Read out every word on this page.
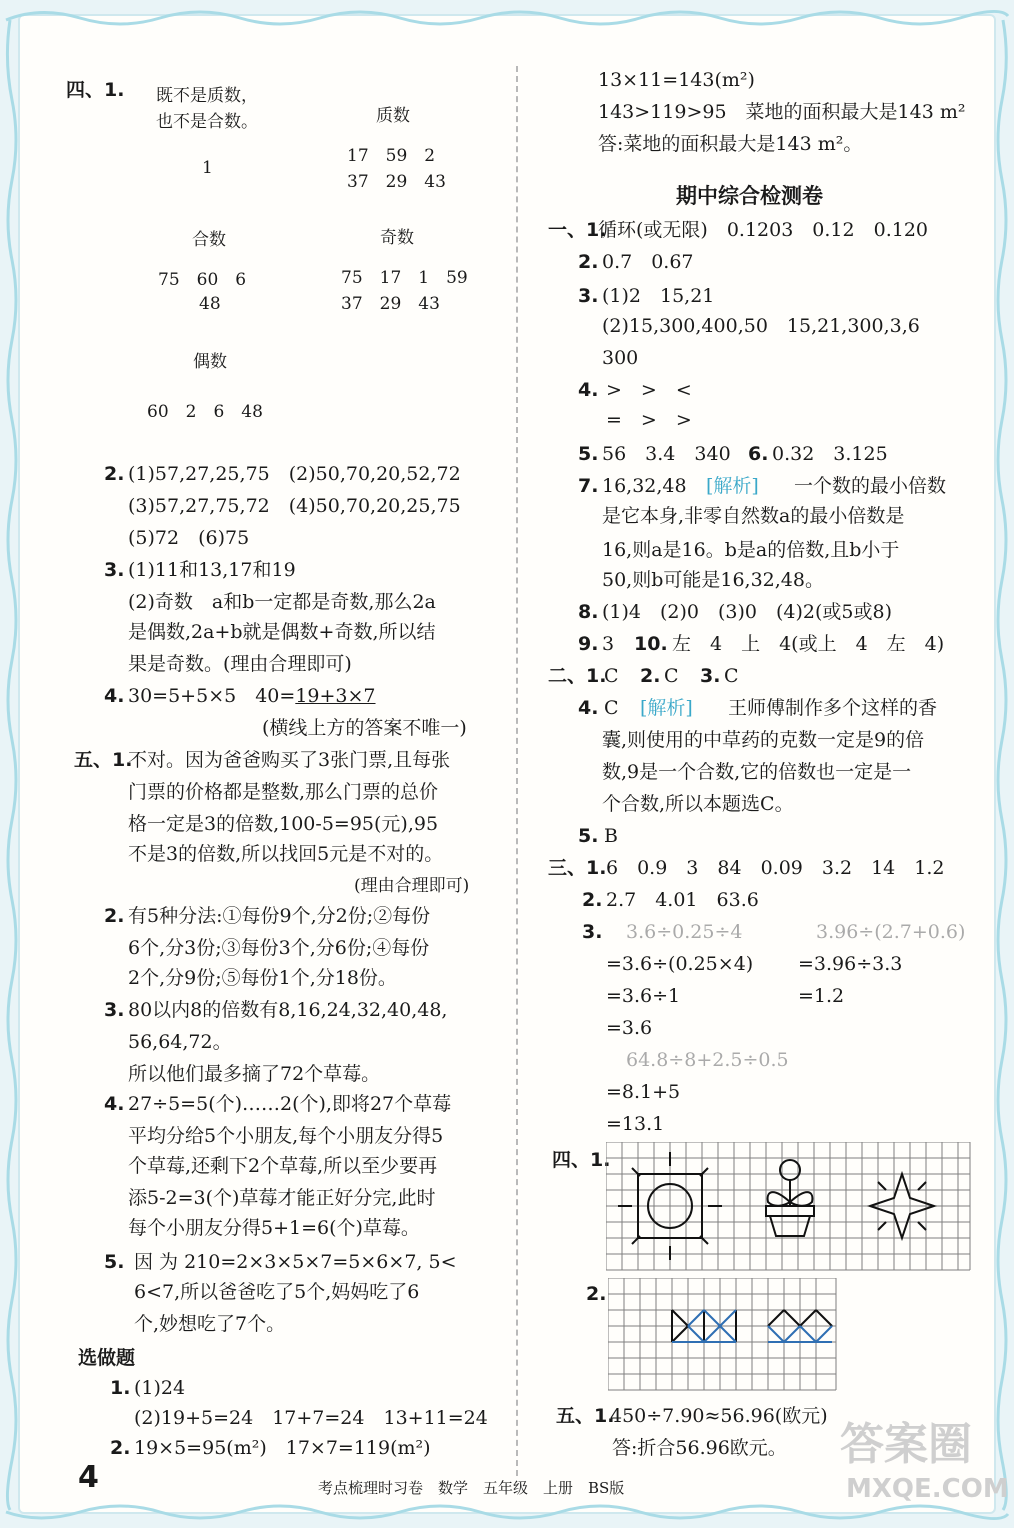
四、1. 既不是质数，
也不是合数。	质数
1
17　59　2
37　29　43
合数	奇数
75　60　6
48
75　17　1　59
37　29　43
偶数
60　2　6　48
2. (1)57,27,25,75　(2)50,70,20,52,72
(3)57,27,75,72　(4)50,70,20,25,75
(5)72　(6)75
3. (1)11和13,17和19
(2)奇数　a和b一定都是奇数,那么2a
是偶数,2a+b就是偶数+奇数,所以结
果是奇数。(理由合理即可)
4. 30=5+5×5　40=19+3×7
(横线上方的答案不唯一)
五、1.
不对。因为爸爸购买了3张门票,且每张
门票的价格都是整数,那么门票的总价
格一定是3的倍数,100-5=95(元),95
不是3的倍数,所以找回5元是不对的。
(理由合理即可)
2. 有5种分法:①每份9个,分2份;②每份
6个,分3份;③每份3个,分6份;④每份
2个,分9份;⑤每份1个,分18份。
3. 80以内8的倍数有8,16,24,32,40,48,
56,64,72。
所以他们最多摘了72个草莓。
4. 27÷5=5(个)……2(个),即将27个草莓
平均分给5个小朋友,每个小朋友分得5
个草莓,还剩下2个草莓,所以至少要再
添5-2=3(个)草莓才能正好分完,此时
每个小朋友分得5+1=6(个)草莓。
5. 因 为 210=2×3×5×7=5×6×7, 5<
6<7,所以爸爸吃了5个,妈妈吃了6
个,妙想吃了7个。
选做题
1. (1)24
(2)19+5=24　17+7=24　13+11=24
2. 19×5=95(m²)　17×7=119(m²)
13×11=143(m²)
143>119>95　菜地的面积最大是143 m²
答:菜地的面积最大是143 m²。
期中综合检测卷
一、1.
循环(或无限)　0.1203　0.12　0.120
2. 0.7　0.67
3. (1)2　15,21
(2)15,300,400,50　15,21,300,3,6
300
4. >　>　<
=　>　>
5. 56　3.4　340 6. 0.32　3.125
7. 16,32,48 [解析] 一个数的最小倍数
是它本身,非零自然数a的最小倍数是
16,则a是16。b是a的倍数,且b小于
50,则b可能是16,32,48。
8. (1)4　(2)0　(3)0　(4)2(或5或8)
9. 3 10. 左　4　上　4(或上　4　左　4)
二、1.
C 2. C 3. C
4. C [解析] 王师傅制作多个这样的香
囊,则使用的中草药的克数一定是9的倍
数,9是一个合数,它的倍数也一定是一
个合数,所以本题选C。
5. B
三、1. 6　0.9　3　84　0.09　3.2　14　1.2
2. 2.7　4.01　63.6
3. 3.6÷0.25÷4	3.96÷(2.7+0.6)
=3.6÷(0.25×4) =3.96÷3.3
=3.6÷1	=1.2
=3.6
64.8÷8+2.5÷0.5
=8.1+5
=13.1
四、1.
2.
五、1.
450÷7.90≈56.96(欧元)
答:折合56.96欧元。
4	考点梳理时习卷　数学　五年级　上册　BS版
答案圈
MXQE.COM
